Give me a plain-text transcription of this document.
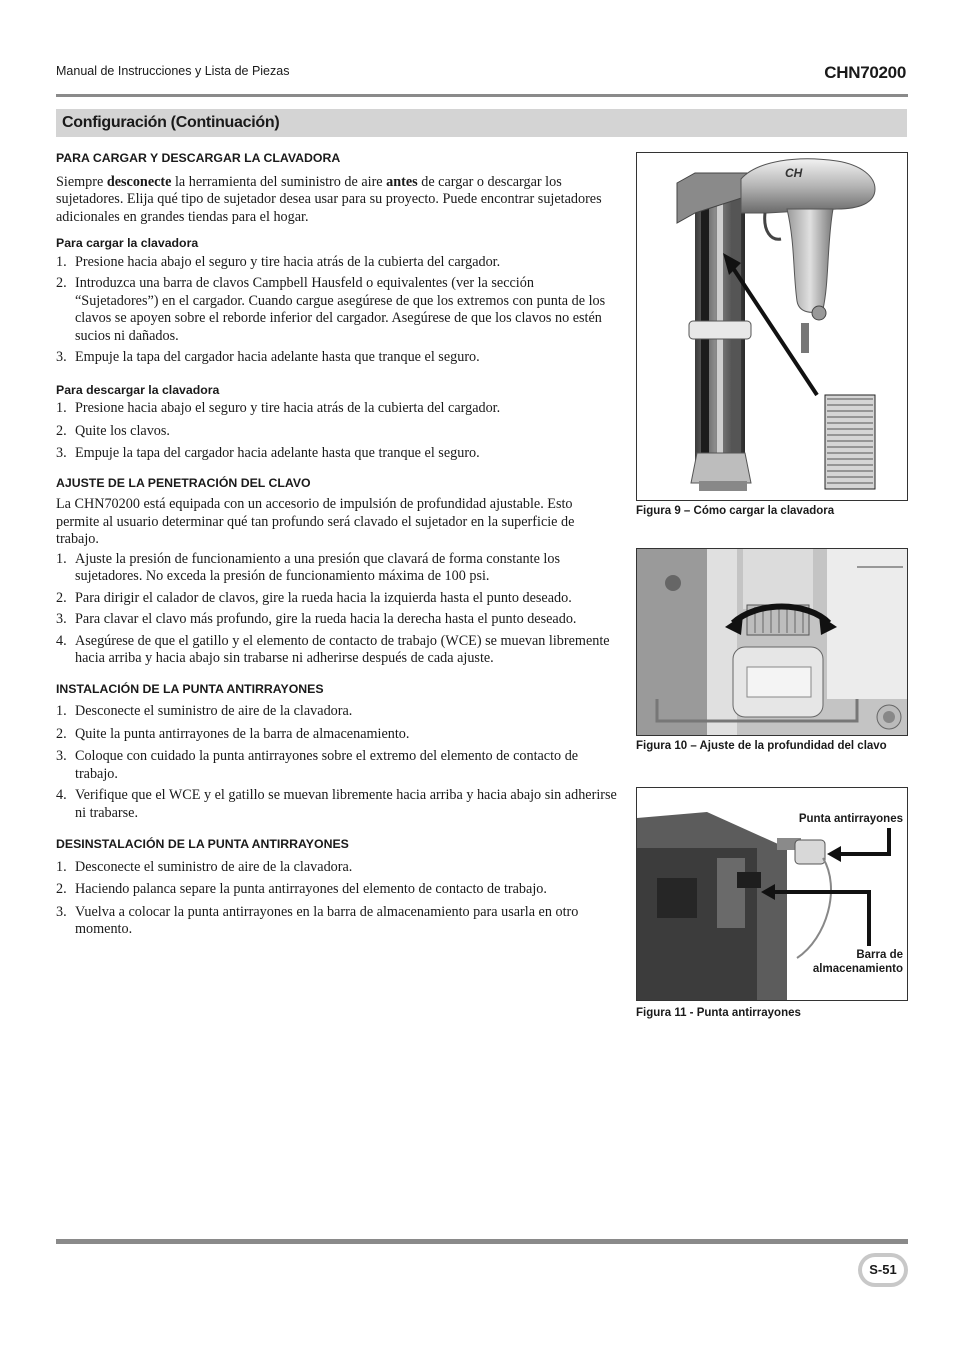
Manual de Instrucciones y Lista de Piezas	CHN70200
Configuración (Continuación)
PARA CARGAR Y DESCARGAR LA CLAVADORA

Siempre desconecte la herramienta del suministro de aire antes de cargar o descargar los sujetadores. Elija qué tipo de sujetador desea usar para su proyecto. Puede encontrar sujetadores adicionales en grandes tiendas para el hogar.

Para cargar la clavadora
1. Presione hacia abajo el seguro y tire hacia atrás de la cubierta del cargador.
2. Introduzca una barra de clavos Campbell Hausfeld o equivalentes (ver la sección “Sujetadores”) en el cargador. Cuando cargue asegúrese de que los extremos con punta de los clavos se apoyen sobre el reborde inferior del cargador. Asegúrese de que los clavos no estén sucios ni dañados.
3. Empuje la tapa del cargador hacia adelante hasta que tranque el seguro.
Para descargar la clavadora
1. Presione hacia abajo el seguro y tire hacia atrás de la cubierta del cargador.
2. Quite los clavos.
3. Empuje la tapa del cargador hacia adelante hasta que tranque el seguro.
AJUSTE DE LA PENETRACIÓN DEL CLAVO

La CHN70200 está equipada con un accesorio de impulsión de profundidad ajustable. Esto permite al usuario determinar qué tan profundo será clavado el sujetador en la superficie de trabajo.

1. Ajuste la presión de funcionamiento a una presión que clavará de forma constante los sujetadores. No exceda la presión de funcionamiento máxima de 100 psi.
2. Para dirigir el calador de clavos, gire la rueda hacia la izquierda hasta el punto deseado.
3. Para clavar el clavo más profundo, gire la rueda hacia la derecha hasta el punto deseado.
4. Asegúrese de que el gatillo y el elemento de contacto de trabajo (WCE) se muevan libremente hacia arriba y hacia abajo sin trabarse ni adherirse después de cada ajuste.
INSTALACIÓN DE LA PUNTA ANTIRRAYONES
1. Desconecte el suministro de aire de la clavadora.
2. Quite la punta antirrayones de la barra de almacenamiento.
3. Coloque con cuidado la punta antirrayones sobre el extremo del elemento de contacto de trabajo.
4. Verifique que el WCE y el gatillo se muevan libremente hacia arriba y hacia abajo sin adherirse ni trabarse.
DESINSTALACIÓN DE LA PUNTA ANTIRRAYONES
1. Desconecte el suministro de aire de la clavadora.
2. Haciendo palanca separe la punta antirrayones del elemento de contacto de trabajo.
3. Vuelva a colocar la punta antirrayones en la barra de almacenamiento para usarla en otro momento.
CH
Figura 9 – Cómo cargar la clavadora
Figura 10 – Ajuste de la profundidad del clavo
Punta antirrayones
Barra de almacenamiento
Figura 11 - Punta antirrayones
S-51
